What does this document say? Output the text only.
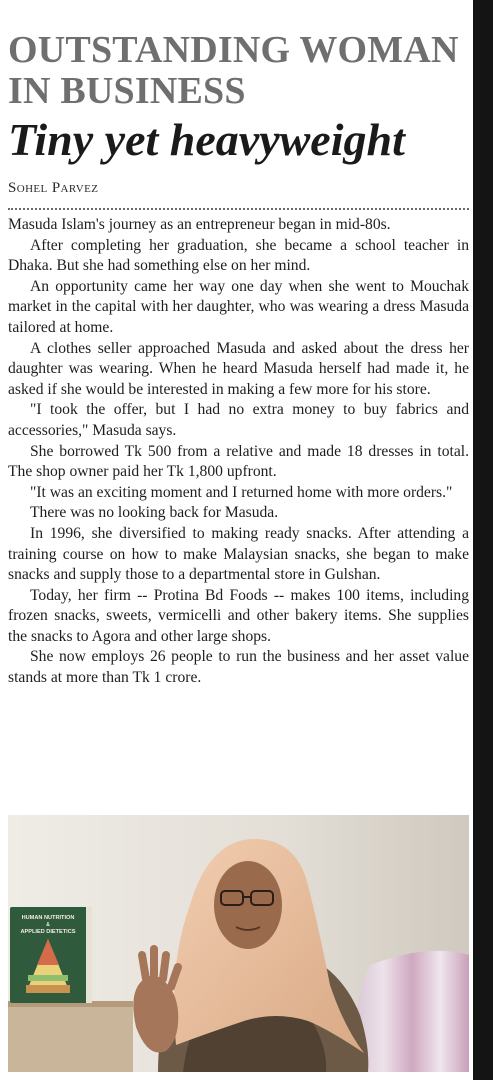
OUTSTANDING WOMAN
IN BUSINESS
Tiny yet heavyweight
Sohel Parvez

Masuda Islam's journey as an entrepreneur began in mid-80s.

After completing her graduation, she became a school teacher in Dhaka. But she had something else on her mind.

An opportunity came her way one day when she went to Mouchak market in the capital with her daughter, who was wearing a dress Masuda tailored at home.

A clothes seller approached Masuda and asked about the dress her daughter was wearing. When he heard Masuda herself had made it, he asked if she would be interested in making a few more for his store.

"I took the offer, but I had no extra money to buy fabrics and accessories," Masuda says.

She borrowed Tk 500 from a relative and made 18 dresses in total. The shop owner paid her Tk 1,800 upfront.

"It was an exciting moment and I returned home with more orders."

There was no looking back for Masuda.

In 1996, she diversified to making ready snacks. After attending a training course on how to make Malaysian snacks, she began to make snacks and supply those to a departmental store in Gulshan.

Today, her firm -- Protina Bd Foods -- makes 100 items, including frozen snacks, sweets, vermicelli and other bakery items. She supplies the snacks to Agora and other large shops.

She now employs 26 people to run the business and her asset value stands at more than Tk 1 crore.

HUMAN NUTRITION
&
APPLIED DIETETICS
